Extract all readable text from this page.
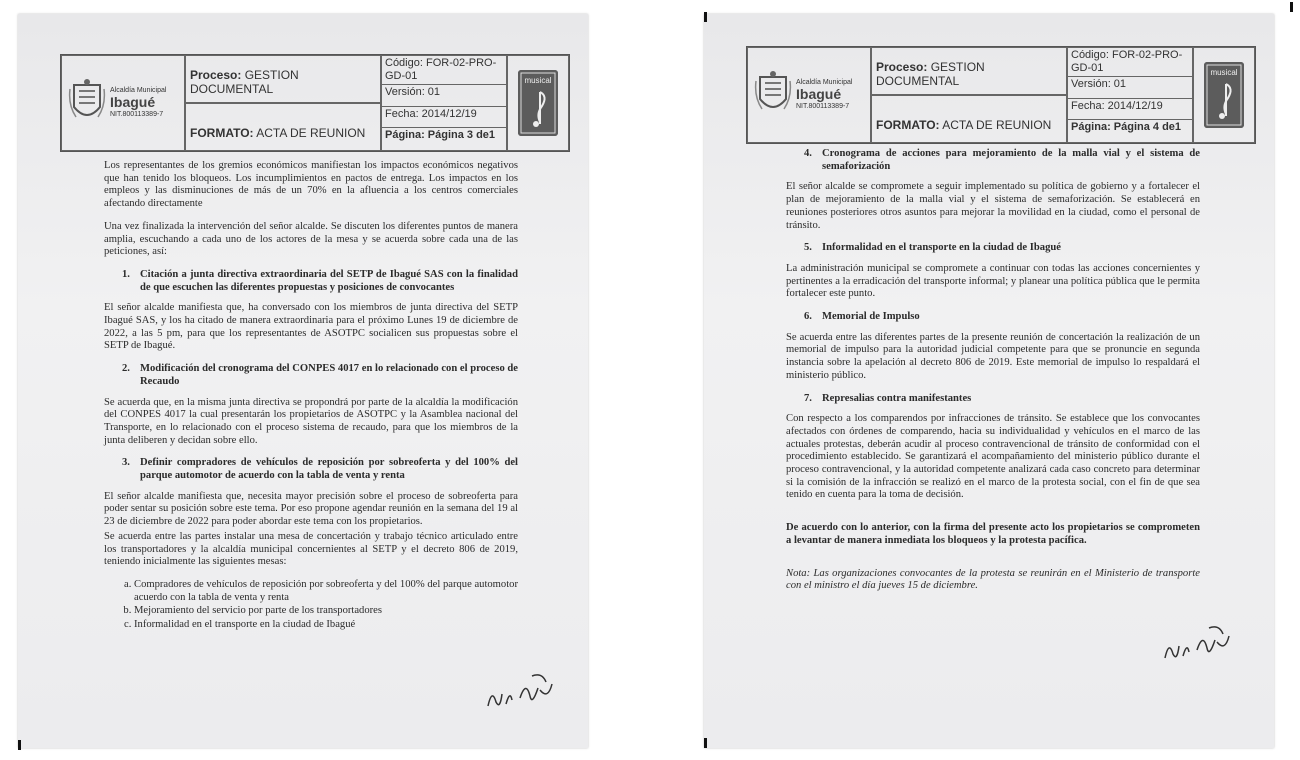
Alcaldía Municipal
Ibagué
NIT.800113389-7
Proceso: GESTION DOCUMENTAL
FORMATO: ACTA DE REUNION
Código: FOR-02-PRO-GD-01
Versión: 01
Fecha: 2014/12/19
Página: Página 3 de1
musical

Los representantes de los gremios económicos manifiestan los impactos económicos negativos que han tenido los bloqueos. Los incumplimientos en pactos de entrega. Los impactos en los empleos y las disminuciones de más de un 70% en la afluencia a los centros comerciales afectando directamente

Una vez finalizada la intervención del señor alcalde. Se discuten los diferentes puntos de manera amplia, escuchando a cada uno de los actores de la mesa y se acuerda sobre cada una de las peticiones, así:

1. Citación a junta directiva extraordinaria del SETP de Ibagué SAS con la finalidad de que escuchen las diferentes propuestas y posiciones de convocantes

El señor alcalde manifiesta que, ha conversado con los miembros de junta directiva del SETP Ibagué SAS, y los ha citado de manera extraordinaria para el próximo Lunes 19 de diciembre de 2022, a las 5 pm, para que los representantes de ASOTPC socialicen sus propuestas sobre el SETP de Ibagué.

2. Modificación del cronograma del CONPES 4017 en lo relacionado con el proceso de Recaudo

Se acuerda que, en la misma junta directiva se propondrá por parte de la alcaldía la modificación del CONPES 4017 la cual presentarán los propietarios de ASOTPC y la Asamblea nacional del Transporte, en lo relacionado con el proceso sistema de recaudo, para que los miembros de la junta deliberen y decidan sobre ello.

3. Definir compradores de vehículos de reposición por sobreoferta y del 100% del parque automotor de acuerdo con la tabla de venta y renta

El señor alcalde manifiesta que, necesita mayor precisión sobre el proceso de sobreoferta para poder sentar su posición sobre este tema. Por eso propone agendar reunión en la semana del 19 al 23 de diciembre de 2022 para poder abordar este tema con los propietarios.

Se acuerda entre las partes instalar una mesa de concertación y trabajo técnico articulado entre los transportadores y la alcaldía municipal concernientes al SETP y el decreto 806 de 2019, teniendo inicialmente las siguientes mesas:

a. Compradores de vehículos de reposición por sobreoferta y del 100% del parque automotor acuerdo con la tabla de venta y renta
b. Mejoramiento del servicio por parte de los transportadores
c. Informalidad en el transporte en la ciudad de Ibagué
Alcaldía Municipal
Ibagué
NIT.800113389-7
Proceso: GESTION DOCUMENTAL
FORMATO: ACTA DE REUNION
Código: FOR-02-PRO-GD-01
Versión: 01
Fecha: 2014/12/19
Página: Página 4 de1
musical
4. Cronograma de acciones para mejoramiento de la malla vial y el sistema de semaforización

El señor alcalde se compromete a seguir implementado su política de gobierno y a fortalecer el plan de mejoramiento de la malla vial y el sistema de semaforización. Se establecerá en reuniones posteriores otros asuntos para mejorar la movilidad en la ciudad, como el personal de tránsito.

5. Informalidad en el transporte en la ciudad de Ibagué

La administración municipal se compromete a continuar con todas las acciones concernientes y pertinentes a la erradicación del transporte informal; y planear una política pública que le permita fortalecer este punto.

6. Memorial de Impulso

Se acuerda entre las diferentes partes de la presente reunión de concertación la realización de un memorial de impulso para la autoridad judicial competente para que se pronuncie en segunda instancia sobre la apelación al decreto 806 de 2019. Este memorial de impulso lo respaldará el ministerio público.

7. Represalias contra manifestantes

Con respecto a los comparendos por infracciones de tránsito. Se establece que los convocantes afectados con órdenes de comparendo, hacia su individualidad y vehículos en el marco de las actuales protestas, deberán acudir al proceso contravencional de tránsito de conformidad con el procedimiento establecido. Se garantizará el acompañamiento del ministerio público durante el proceso contravencional, y la autoridad competente analizará cada caso concreto para determinar si la comisión de la infracción se realizó en el marco de la protesta social, con el fin de que sea tenido en cuenta para la toma de decisión.

De acuerdo con lo anterior, con la firma del presente acto los propietarios se comprometen a levantar de manera inmediata los bloqueos y la protesta pacífica.

Nota: Las organizaciones convocantes de la protesta se reunirán en el Ministerio de transporte con el ministro el día jueves 15 de diciembre.
